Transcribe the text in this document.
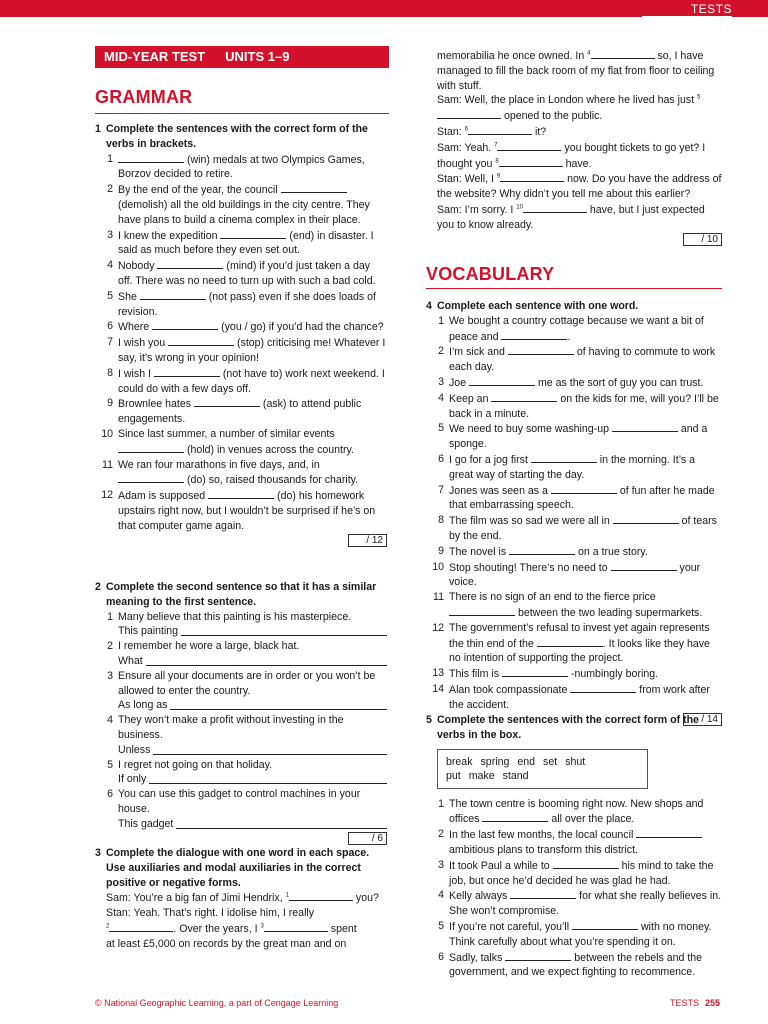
TESTS
MID-YEAR TEST UNITS 1–9
GRAMMAR
1 Complete the sentences with the correct form of the verbs in brackets.
1	(win) medals at two Olympics Games, Borzov decided to retire.
2 By the end of the year, the council  (demolish) all the old buildings in the city centre. They have plans to build a cinema complex in their place.
3 I knew the expedition	(end) in disaster. I said as much before they even set out.
4 Nobody	(mind) if you’d just taken a day off. There was no need to turn up with such a bad cold.
5 She	(not pass) even if she does loads of revision.
6 Where	(you / go) if you’d had the chance?
7 I wish you	(stop) criticising me! Whatever I say, it’s wrong in your opinion!
8 I wish I	(not have to) work next weekend. I could do with a few days off.
9 Brownlee hates	(ask) to attend public engagements.
10 Since last summer, a number of similar events  (hold) in venues across the country.
11 We ran four marathons in five days, and, in  (do) so, raised thousands for charity.
12 Adam is supposed	(do) his homework upstairs right now, but I wouldn’t be surprised if he’s on that computer game again.
/ 12
2 Complete the second sentence so that it has a similar meaning to the first sentence.
1 Many believe that this painting is his masterpiece.
This painting
2 I remember he wore a large, black hat.
What
3 Ensure all your documents are in order or you won’t be allowed to enter the country.
As long as
4 They won’t make a profit without investing in the business.
Unless
5 I regret not going on that holiday.
If only
6 You can use this gadget to control machines in your house.
This gadget
/ 6
3 Complete the dialogue with one word in each space. Use auxiliaries and modal auxiliaries in the correct positive or negative forms.
Sam: You’re a big fan of Jimi Hendrix, $^1$	you?
Stan: Yeah. That’s right. I idolise him, I really
$^2$	. Over the years, I $^3$	spent
at least £5,000 on records by the great man and on
memorabilia he once owned. In $^4$	so, I have managed to fill the back room of my flat from floor to ceiling with stuff.
Sam: Well, the place in London where he lived has just $^5$ opened to the public.
Stan: $^6$	it?
Sam: Yeah. $^7$	you bought tickets to go yet? I thought you $^8$	have.
Stan: Well, I $^9$	now. Do you have the address of the website? Why didn’t you tell me about this earlier?
Sam: I’m sorry. I $^{10}$	have, but I just expected you to know already.
/ 10
VOCABULARY
4 Complete each sentence with one word.
1 We bought a country cottage because we want a bit of peace and	.
2 I’m sick and	of having to commute to work each day.
3 Joe	me as the sort of guy you can trust.
4 Keep an	on the kids for me, will you? I’ll be back in a minute.
5 We need to buy some washing-up	and a sponge.
6 I go for a jog first	in the morning. It’s a great way of starting the day.
7 Jones was seen as a	of fun after he made that embarrassing speech.
8 The film was so sad we were all in	of tears by the end.
9 The novel is	on a true story.
10 Stop shouting! There’s no need to	your voice.
11 There is no sign of an end to the fierce price  between the two leading supermarkets.
12 The government’s refusal to invest yet again represents the thin end of the	. It looks like they have no intention of supporting the project.
13 This film is	-numbingly boring.
14 Alan took compassionate	from work after the accident.
/ 14
5 Complete the sentences with the correct form of the verbs in the box.
break spring end set shut
put make stand
1 The town centre is booming right now. New shops and offices	all over the place.
2 In the last few months, the local council  ambitious plans to transform this district.
3 It took Paul a while to	his mind to take the job, but once he’d decided he was glad he had.
4 Kelly always	for what she really believes in. She won’t compromise.
5 If you’re not careful, you’ll	with no money. Think carefully about what you’re spending it on.
6 Sadly, talks	between the rebels and the government, and we expect fighting to recommence.
© National Geographic Learning, a part of Cengage Learning	TESTS 255
